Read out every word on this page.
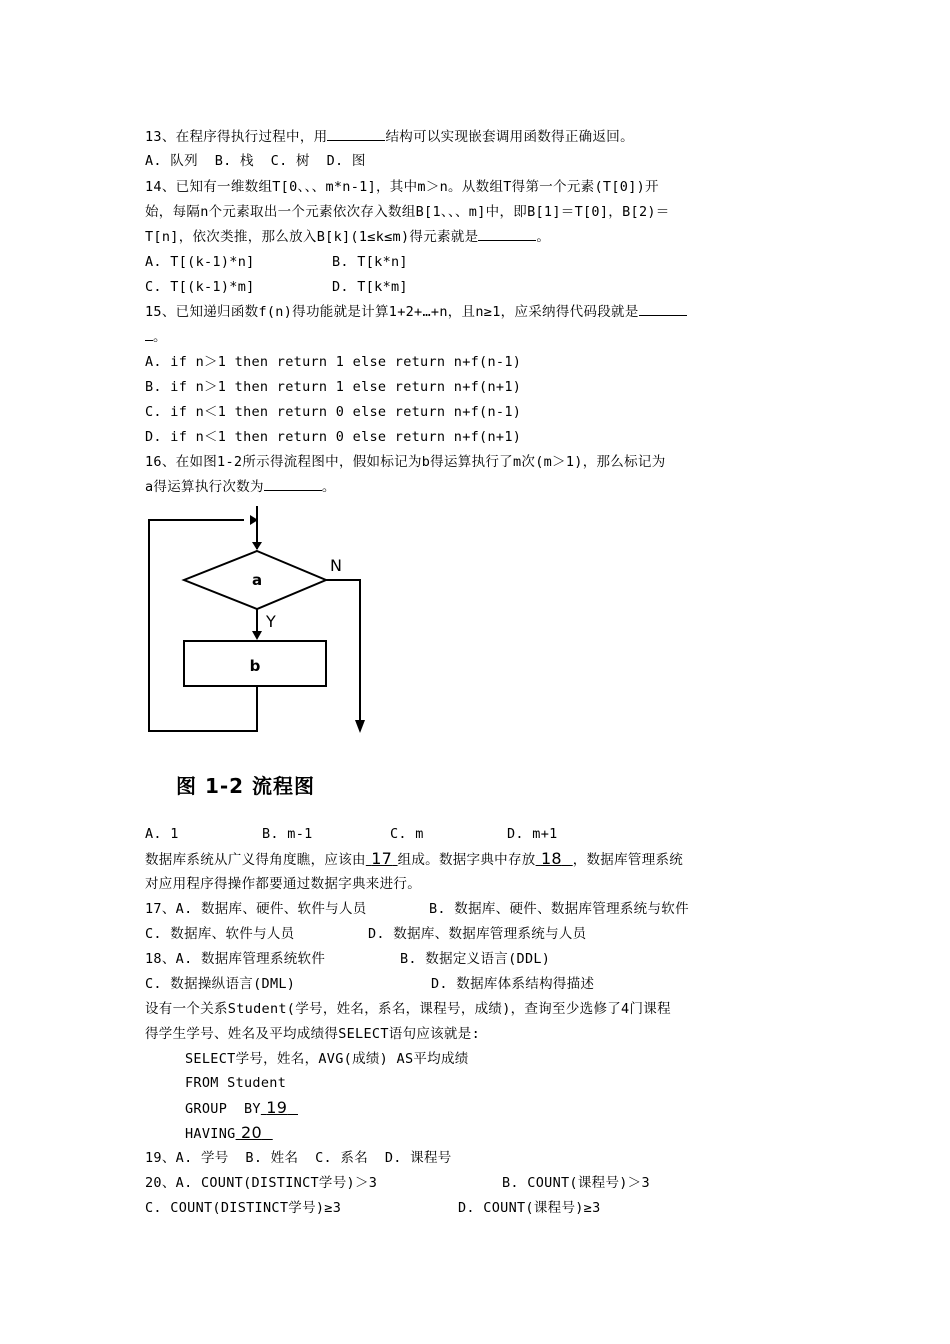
13、在程序得执行过程中，用	结构可以实现嵌套调用函数得正确返回。
A. 队列  B. 栈  C. 树  D. 图
14、已知有一维数组T[0、、、m*n-1]，其中m＞n。从数组T得第一个元素(T[0])开
始，每隔n个元素取出一个元素依次存入数组B[1、、、m]中，即B[1]＝T[0]，B[2)＝
T[n]，依次类推，那么放入B[k](1≤k≤m)得元素就是	。
A. T[(k-1)*n]	B. T[k*n]
C. T[(k-1)*m]	D. T[k*m]
15、已知递归函数f(n)得功能就是计算1+2+…+n，且n≥1，应采纳得代码段就是
。
A. if n＞1 then return 1 else return n+f(n-1)
B. if n＞1 then return 1 else return n+f(n+1)
C. if n＜1 then return 0 else return n+f(n-1)
D. if n＜1 then return 0 else return n+f(n+1)
16、在如图1-2所示得流程图中，假如标记为b得运算执行了m次(m＞1)，那么标记为
a得运算执行次数为	。
a
b
Y
N
图 1-2 流程图
A. 1	B. m-1	C. m	D. m+1
数据库系统从广义得角度瞧，应该由 17 组成。数据字典中存放 18 ，数据库管理系统
对应用程序得操作都要通过数据字典来进行。
17、A. 数据库、硬件、软件与人员	B. 数据库、硬件、数据库管理系统与软件
C. 数据库、软件与人员	D. 数据库、数据库管理系统与人员
18、A. 数据库管理系统软件	B. 数据定义语言(DDL)
C. 数据操纵语言(DML)	D. 数据库体系结构得描述
设有一个关系Student(学号，姓名，系名，课程号，成绩)，查询至少选修了4门课程
得学生学号、姓名及平均成绩得SELECT语句应该就是:
SELECT学号，姓名，AVG(成绩) AS平均成绩
FROM Student
GROUP  BY 19
HAVING 20
19、A. 学号  B. 姓名  C. 系名  D. 课程号
20、A. COUNT(DISTINCT学号)＞3	B. COUNT(课程号)＞3
C. COUNT(DISTINCT学号)≥3	D. COUNT(课程号)≥3
